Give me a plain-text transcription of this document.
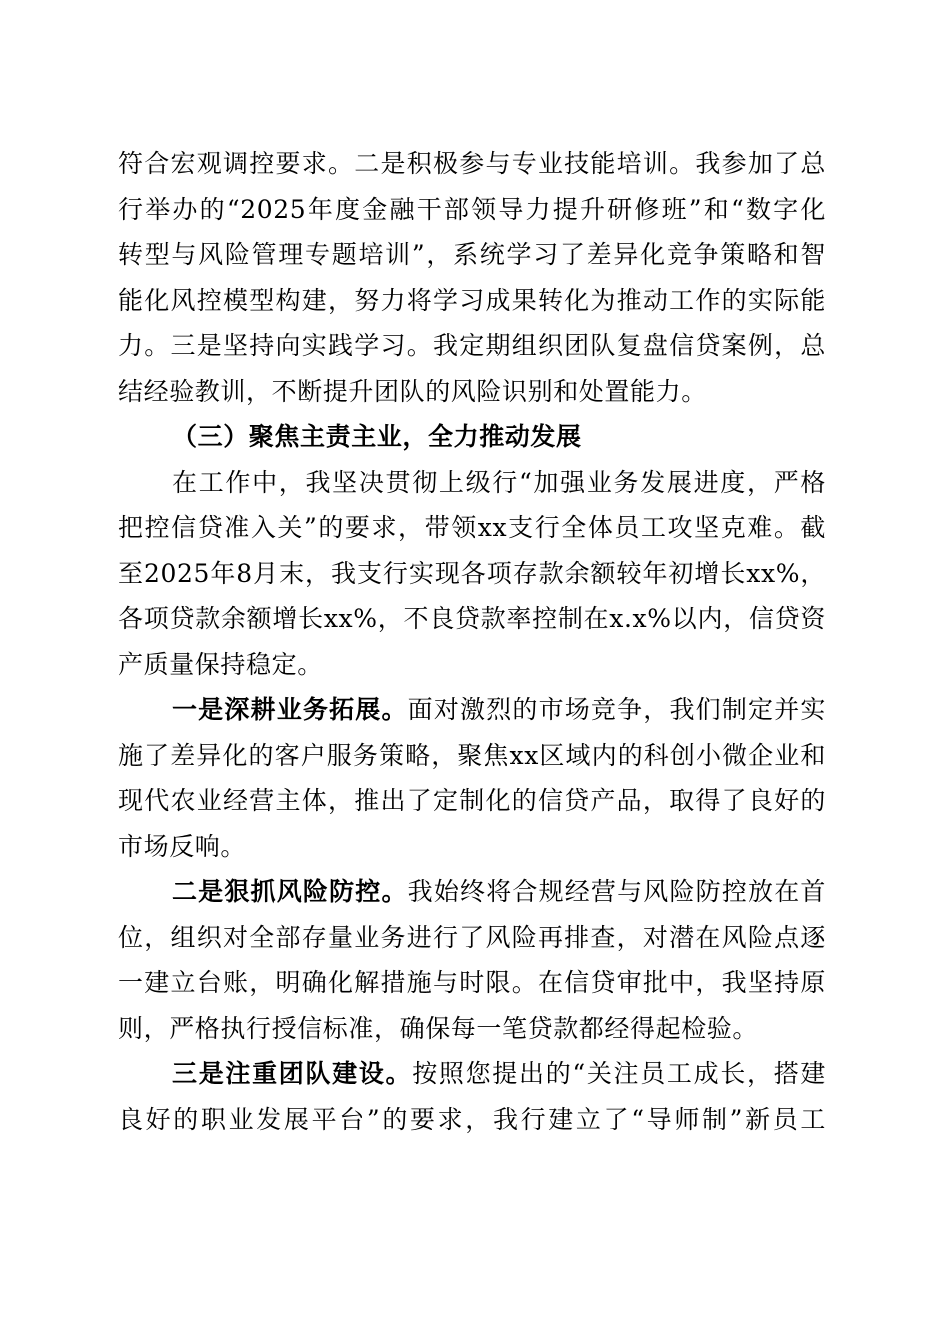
符合宏观调控要求。二是积极参与专业技能培训。我参加了总
行举办的“2025年度金融干部领导力提升研修班”和“数字化
转型与风险管理专题培训”，系统学习了差异化竞争策略和智
能化风控模型构建，努力将学习成果转化为推动工作的实际能
力。三是坚持向实践学习。我定期组织团队复盘信贷案例，总
结经验教训，不断提升团队的风险识别和处置能力。

（三）聚焦主责主业，全力推动发展

在工作中，我坚决贯彻上级行“加强业务发展进度，严格
把控信贷准入关”的要求，带领xx支行全体员工攻坚克难。截
至2025年8月末，我支行实现各项存款余额较年初增长xx%，
各项贷款余额增长xx%，不良贷款率控制在x.x%以内，信贷资
产质量保持稳定。

一是深耕业务拓展。面对激烈的市场竞争，我们制定并实
施了差异化的客户服务策略，聚焦xx区域内的科创小微企业和
现代农业经营主体，推出了定制化的信贷产品，取得了良好的
市场反响。

二是狠抓风险防控。我始终将合规经营与风险防控放在首
位，组织对全部存量业务进行了风险再排查，对潜在风险点逐
一建立台账，明确化解措施与时限。在信贷审批中，我坚持原
则，严格执行授信标准，确保每一笔贷款都经得起检验。

三是注重团队建设。按照您提出的“关注员工成长，搭建
良好的职业发展平台”的要求，我行建立了“导师制”新员工
